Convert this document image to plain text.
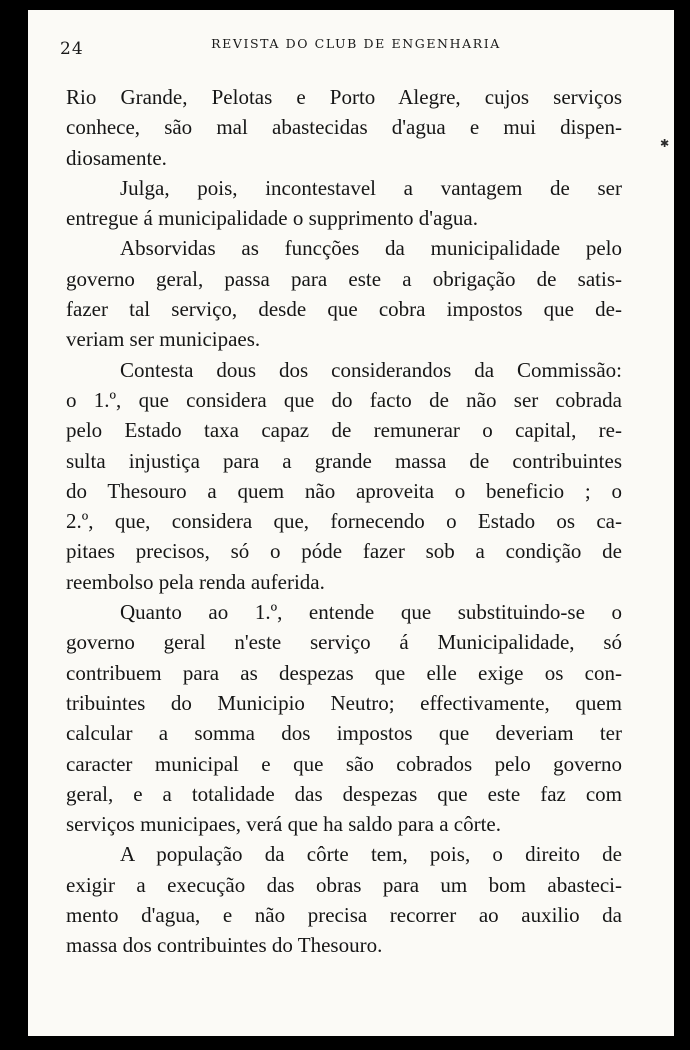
24	REVISTA DO CLUB DE ENGENHARIA
✱

Rio Grande, Pelotas e Porto Alegre, cujos serviços
conhece, são mal abastecidas d'agua e mui dispen-
diosamente.

Julga, pois, incontestavel a vantagem de ser
entregue á municipalidade o supprimento d'agua.

Absorvidas as funcções da municipalidade pelo
governo geral, passa para este a obrigação de satis-
fazer tal serviço, desde que cobra impostos que de-
veriam ser municipaes.

Contesta dous dos considerandos da Commissão:
o 1.º, que considera que do facto de não ser cobrada
pelo Estado taxa capaz de remunerar o capital, re-
sulta injustiça para a grande massa de contribuintes
do Thesouro a quem não aproveita o beneficio ; o
2.º, que, considera que, fornecendo o Estado os ca-
pitaes precisos, só o póde fazer sob a condição de
reembolso pela renda auferida.

Quanto ao 1.º, entende que substituindo-se o
governo geral n'este serviço á Municipalidade, só
contribuem para as despezas que elle exige os con-
tribuintes do Municipio Neutro; effectivamente, quem
calcular a somma dos impostos que deveriam ter
caracter municipal e que são cobrados pelo governo
geral, e a totalidade das despezas que este faz com
serviços municipaes, verá que ha saldo para a côrte.

A população da côrte tem, pois, o direito de
exigir a execução das obras para um bom abasteci-
mento d'agua, e não precisa recorrer ao auxilio da
massa dos contribuintes do Thesouro.
